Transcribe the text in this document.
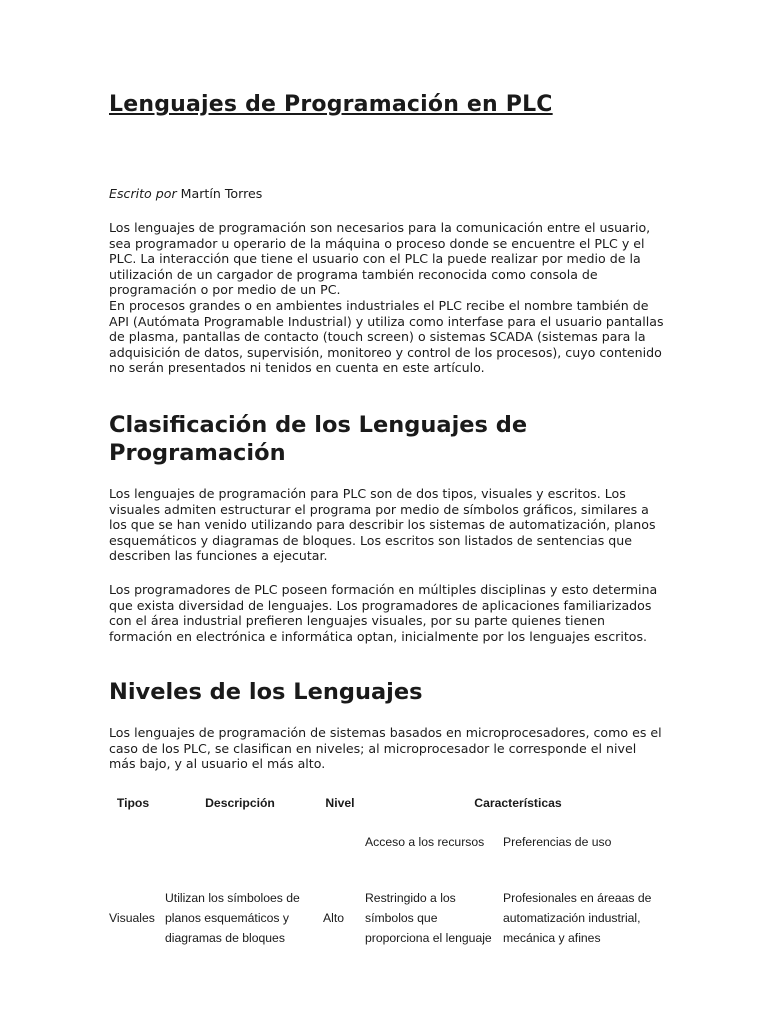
Lenguajes de Programación en PLC
Escrito por Martín Torres

Los lenguajes de programación son necesarios para la comunicación entre el usuario, sea programador u operario de la máquina o proceso donde se encuentre el PLC y el PLC. La interacción que tiene el usuario con el PLC la puede realizar por medio de la utilización de un cargador de programa también reconocida como consola de programación o por medio de un PC.

En procesos grandes o en ambientes industriales el PLC recibe el nombre también de API (Autómata Programable Industrial) y utiliza como interfase para el usuario pantallas de plasma, pantallas de contacto (touch screen) o sistemas SCADA (sistemas para la adquisición de datos, supervisión, monitoreo y control de los procesos), cuyo contenido no serán presentados ni tenidos en cuenta en este artículo.

Clasificación de los Lenguajes de Programación

Los lenguajes de programación para PLC son de dos tipos, visuales y escritos. Los visuales admiten estructurar el programa por medio de símbolos gráficos, similares a los que se han venido utilizando para describir los sistemas de automatización, planos esquemáticos y diagramas de bloques. Los escritos son listados de sentencias que describen las funciones a ejecutar.

Los programadores de PLC poseen formación en múltiples disciplinas y esto determina que exista diversidad de lenguajes. Los programadores de aplicaciones familiarizados con el área industrial prefieren lenguajes visuales, por su parte quienes tienen formación en electrónica e informática optan, inicialmente por los lenguajes escritos.

Niveles de los Lenguajes

Los lenguajes de programación de sistemas basados en microprocesadores, como es el caso de los PLC, se clasifican en niveles; al microprocesador le corresponde el nivel más bajo, y al usuario el más alto.

Tipos	Descripción	Nivel	Características	
			Acceso a los recursos	Preferencias de uso
Visuales	Utilizan los símboloes de planos esquemáticos y diagramas de bloques	Alto	Restringido a los símbolos que proporciona el lenguaje	Profesionales en áreaas de automatización industrial, mecánica y afines
